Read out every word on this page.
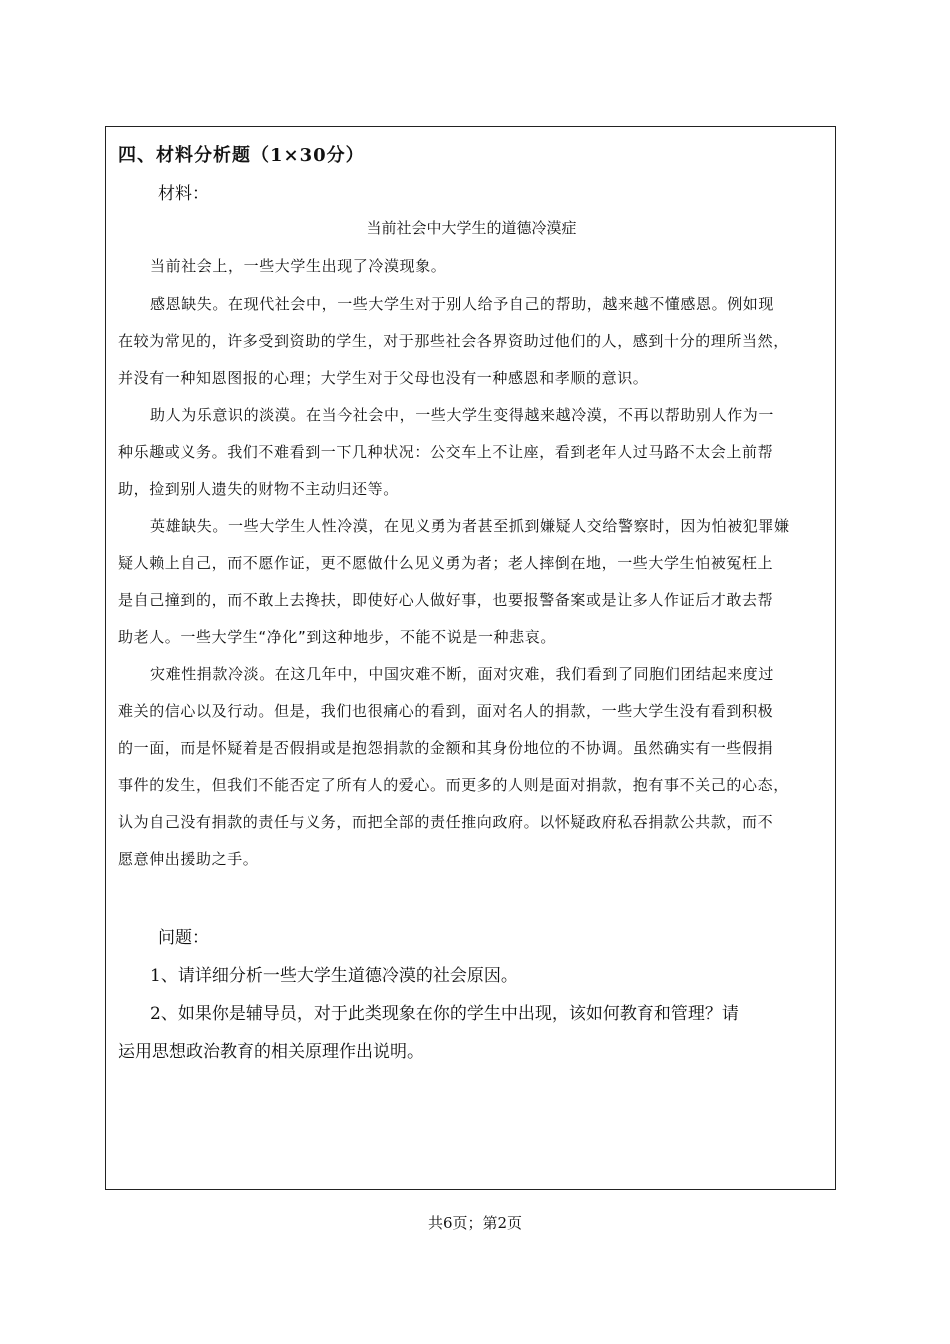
四、材料分析题（1×30分）
材料：
当前社会中大学生的道德冷漠症
当前社会上，一些大学生出现了冷漠现象。
感恩缺失。在现代社会中，一些大学生对于别人给予自己的帮助，越来越不懂感恩。例如现
在较为常见的，许多受到资助的学生，对于那些社会各界资助过他们的人，感到十分的理所当然，
并没有一种知恩图报的心理；大学生对于父母也没有一种感恩和孝顺的意识。
助人为乐意识的淡漠。在当今社会中，一些大学生变得越来越冷漠，不再以帮助别人作为一
种乐趣或义务。我们不难看到一下几种状况：公交车上不让座，看到老年人过马路不太会上前帮
助，捡到别人遗失的财物不主动归还等。
英雄缺失。一些大学生人性冷漠，在见义勇为者甚至抓到嫌疑人交给警察时，因为怕被犯罪嫌
疑人赖上自己，而不愿作证，更不愿做什么见义勇为者；老人摔倒在地，一些大学生怕被冤枉上
是自己撞到的，而不敢上去搀扶，即使好心人做好事，也要报警备案或是让多人作证后才敢去帮
助老人。一些大学生“净化”到这种地步，不能不说是一种悲哀。
灾难性捐款冷淡。在这几年中，中国灾难不断，面对灾难，我们看到了同胞们团结起来度过
难关的信心以及行动。但是，我们也很痛心的看到，面对名人的捐款，一些大学生没有看到积极
的一面，而是怀疑着是否假捐或是抱怨捐款的金额和其身份地位的不协调。虽然确实有一些假捐
事件的发生，但我们不能否定了所有人的爱心。而更多的人则是面对捐款，抱有事不关己的心态，
认为自己没有捐款的责任与义务，而把全部的责任推向政府。以怀疑政府私吞捐款公共款，而不
愿意伸出援助之手。
问题：
1、请详细分析一些大学生道德冷漠的社会原因。
2、如果你是辅导员，对于此类现象在你的学生中出现，该如何教育和管理？请
运用思想政治教育的相关原理作出说明。
共6页；第2页
